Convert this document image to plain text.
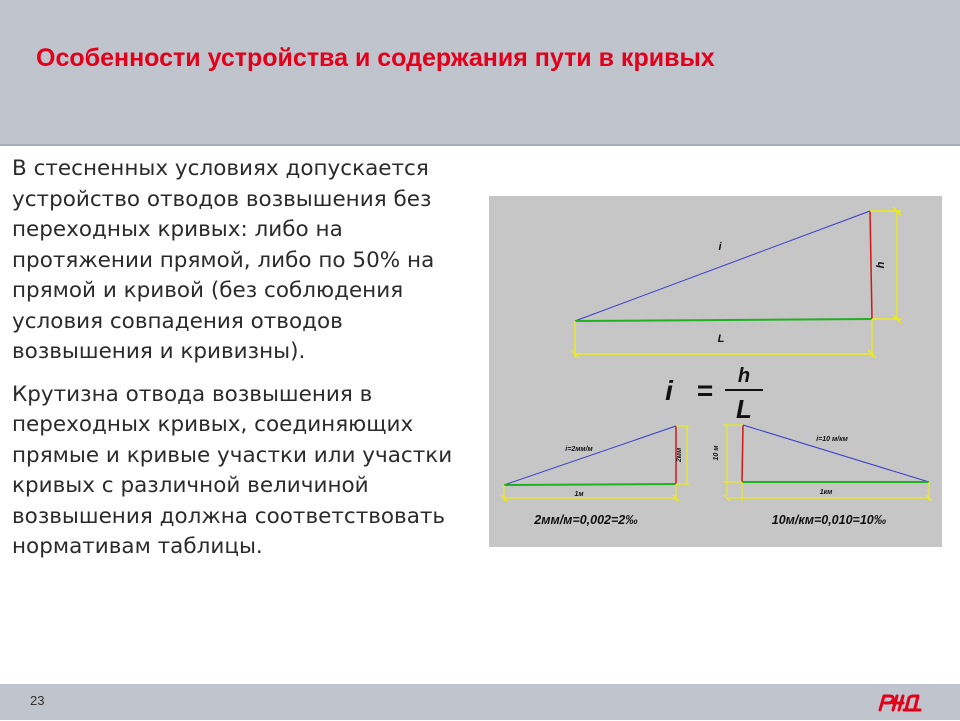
Особенности устройства и содержания пути в кривых

В стесненных условиях допускается устройство отводов возвышения без переходных кривых: либо на протяжении прямой, либо по 50% на прямой и кривой (без соблюдения условия совпадения отводов возвышения и кривизны).

Крутизна отвода возвышения в переходных кривых, соединяющих прямые и кривые участки или участки кривых с различной величиной возвышения должна соответствовать нормативам таблицы.

i
h
L
i = h
L
i=2мм/м	2мм
1м
2мм/м=0,002=2‰
i=10 м/км
10 м
1км
10м/км=0,010=10‰
23
